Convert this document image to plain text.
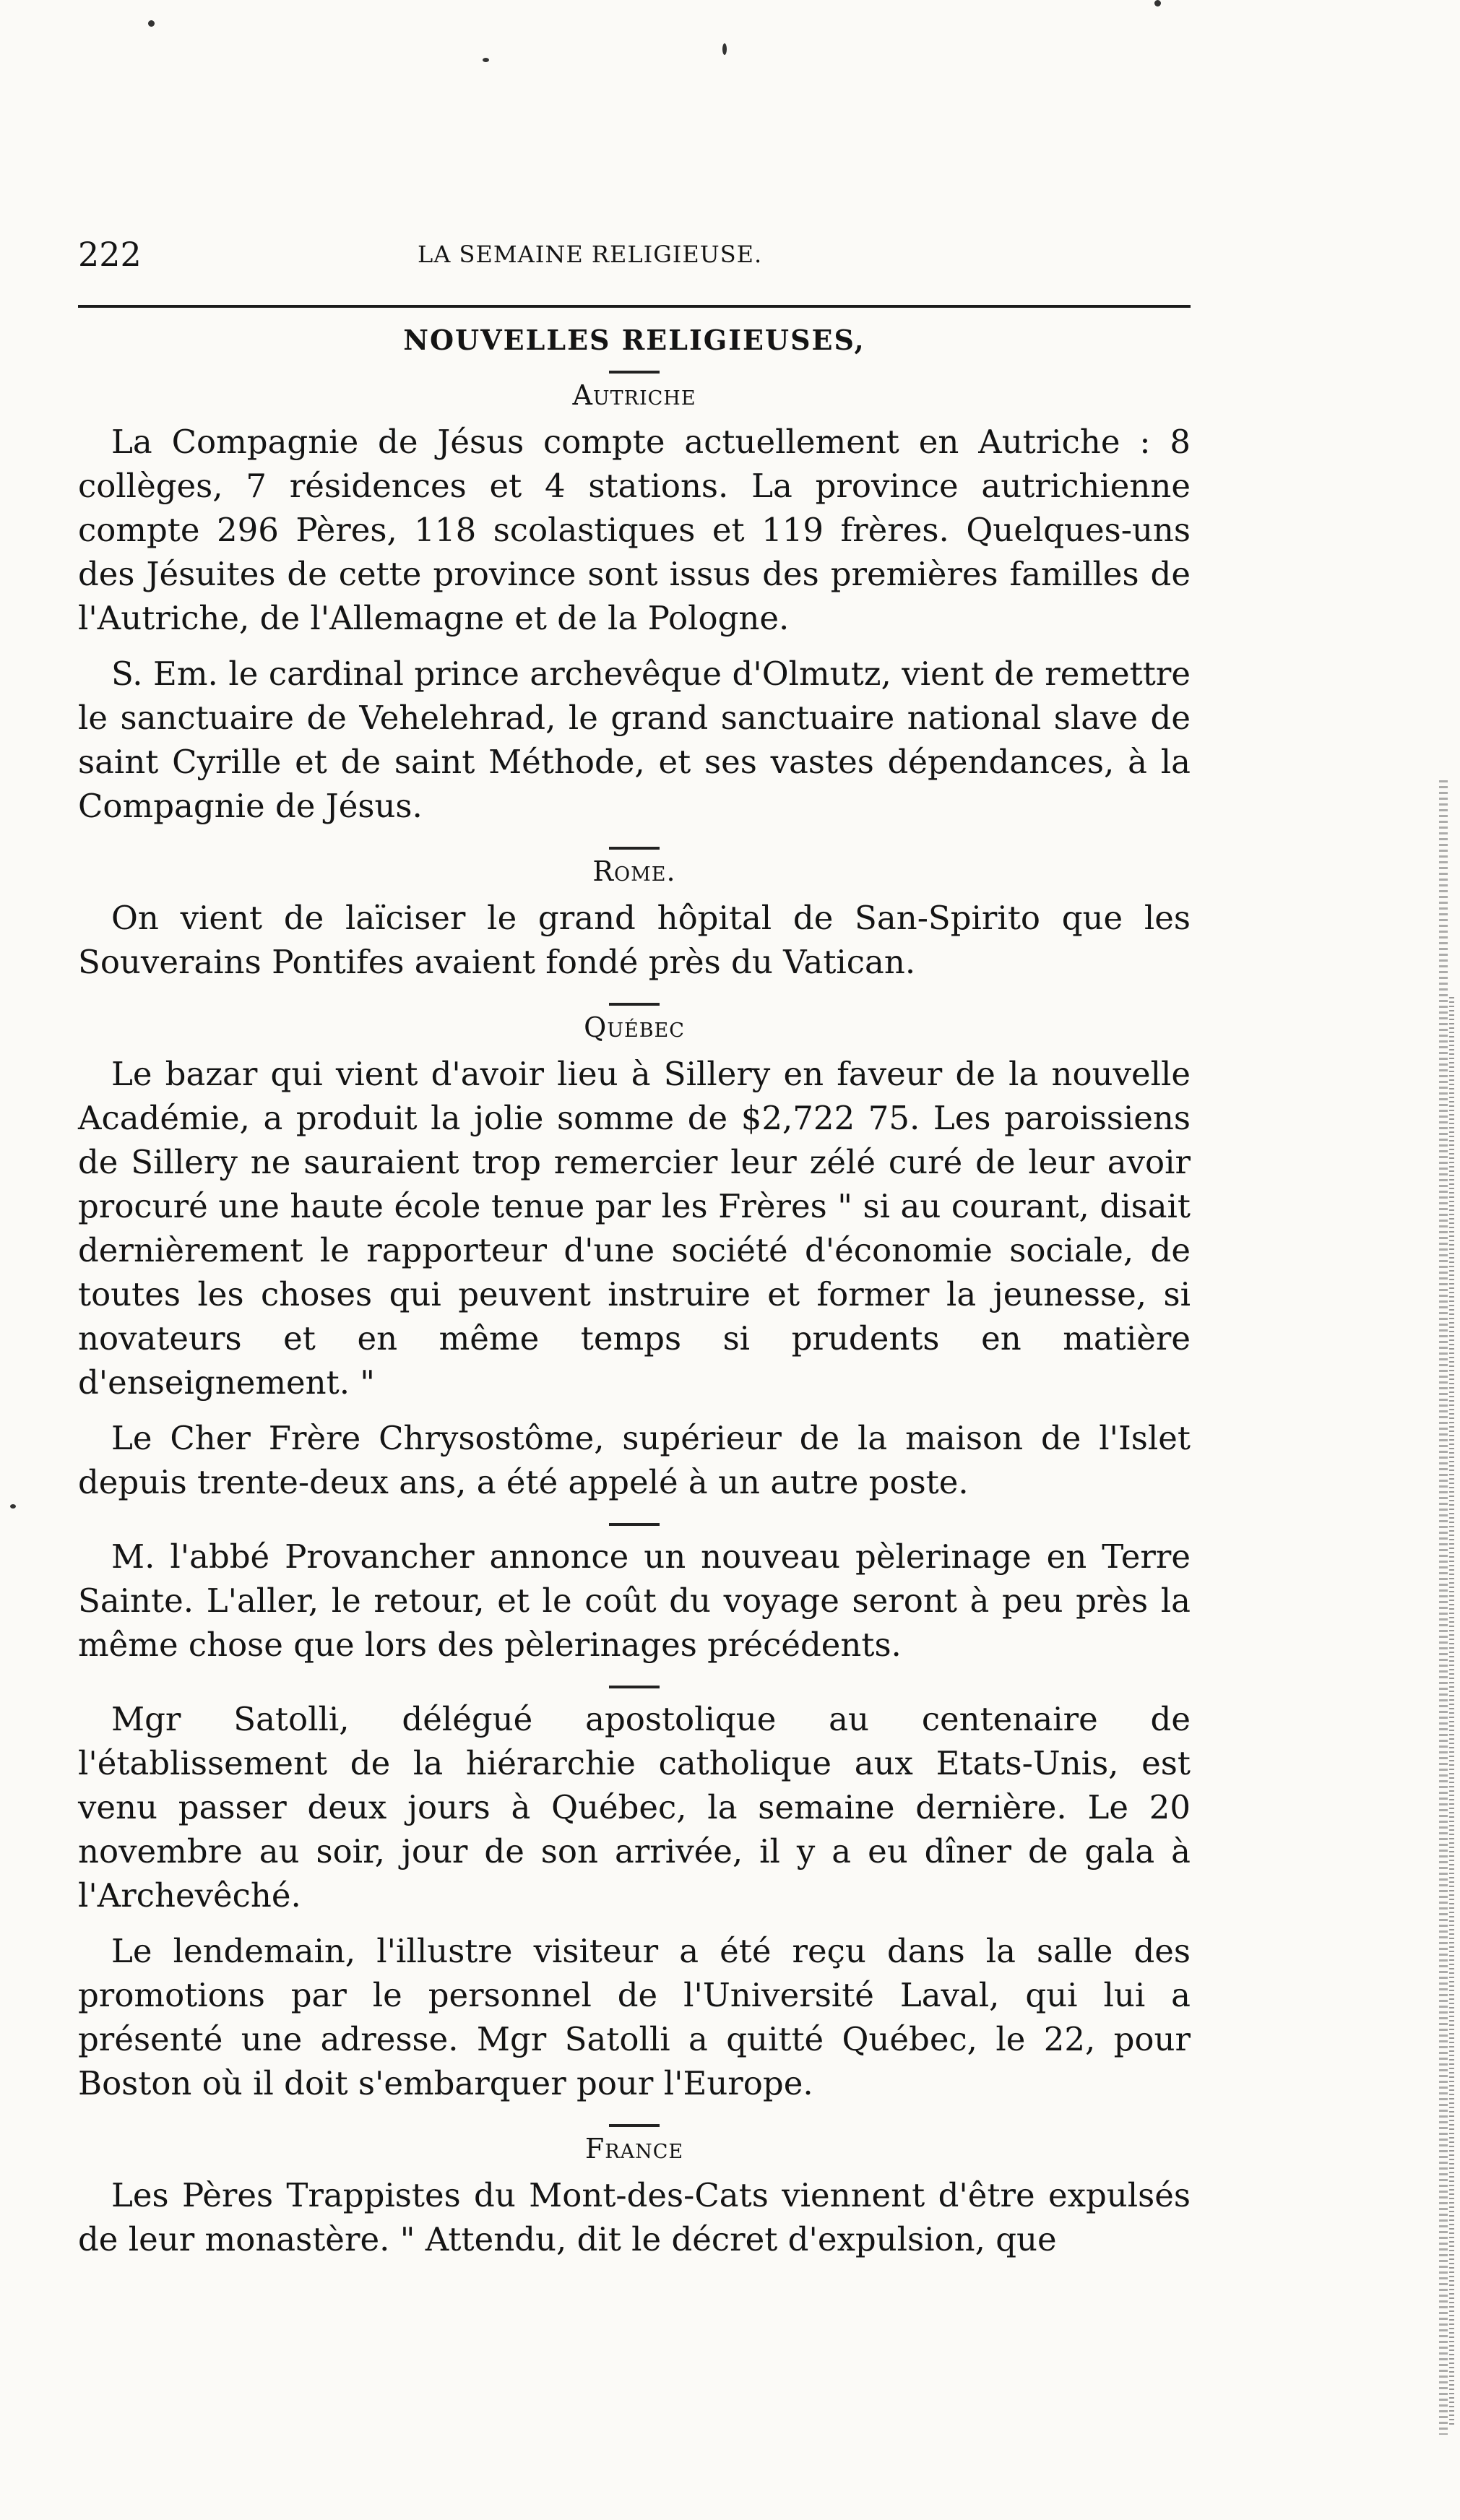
222	LA SEMAINE RELIGIEUSE.
NOUVELLES RELIGIEUSES,
Autriche

La Compagnie de Jésus compte actuellement en Autriche : 8 collèges, 7 résidences et 4 stations. La province autrichienne compte 296 Pères, 118 scolastiques et 119 frères. Quelques-uns des Jésuites de cette province sont issus des premières familles de l'Autriche, de l'Allemagne et de la Pologne.

S. Em. le cardinal prince archevêque d'Olmutz, vient de remettre le sanctuaire de Vehelehrad, le grand sanctuaire national slave de saint Cyrille et de saint Méthode, et ses vastes dépendances, à la Compagnie de Jésus.

Rome.

On vient de laïciser le grand hôpital de San-Spirito que les Souverains Pontifes avaient fondé près du Vatican.

Québec

Le bazar qui vient d'avoir lieu à Sillery en faveur de la nouvelle Académie, a produit la jolie somme de $2,722 75. Les paroissiens de Sillery ne sauraient trop remercier leur zélé curé de leur avoir procuré une haute école tenue par les Frères " si au courant, disait dernièrement le rapporteur d'une société d'économie sociale, de toutes les choses qui peuvent instruire et former la jeunesse, si novateurs et en même temps si prudents en matière d'enseignement. "

Le Cher Frère Chrysostôme, supérieur de la maison de l'Islet depuis trente-deux ans, a été appelé à un autre poste.

M. l'abbé Provancher annonce un nouveau pèlerinage en Terre Sainte. L'aller, le retour, et le coût du voyage seront à peu près la même chose que lors des pèlerinages précédents.

Mgr Satolli, délégué apostolique au centenaire de l'établissement de la hiérarchie catholique aux Etats-Unis, est venu passer deux jours à Québec, la semaine dernière. Le 20 novembre au soir, jour de son arrivée, il y a eu dîner de gala à l'Archevêché.

Le lendemain, l'illustre visiteur a été reçu dans la salle des promotions par le personnel de l'Université Laval, qui lui a présenté une adresse. Mgr Satolli a quitté Québec, le 22, pour Boston où il doit s'embarquer pour l'Europe.

France

Les Pères Trappistes du Mont-des-Cats viennent d'être expulsés de leur monastère. " Attendu, dit le décret d'expulsion, que
